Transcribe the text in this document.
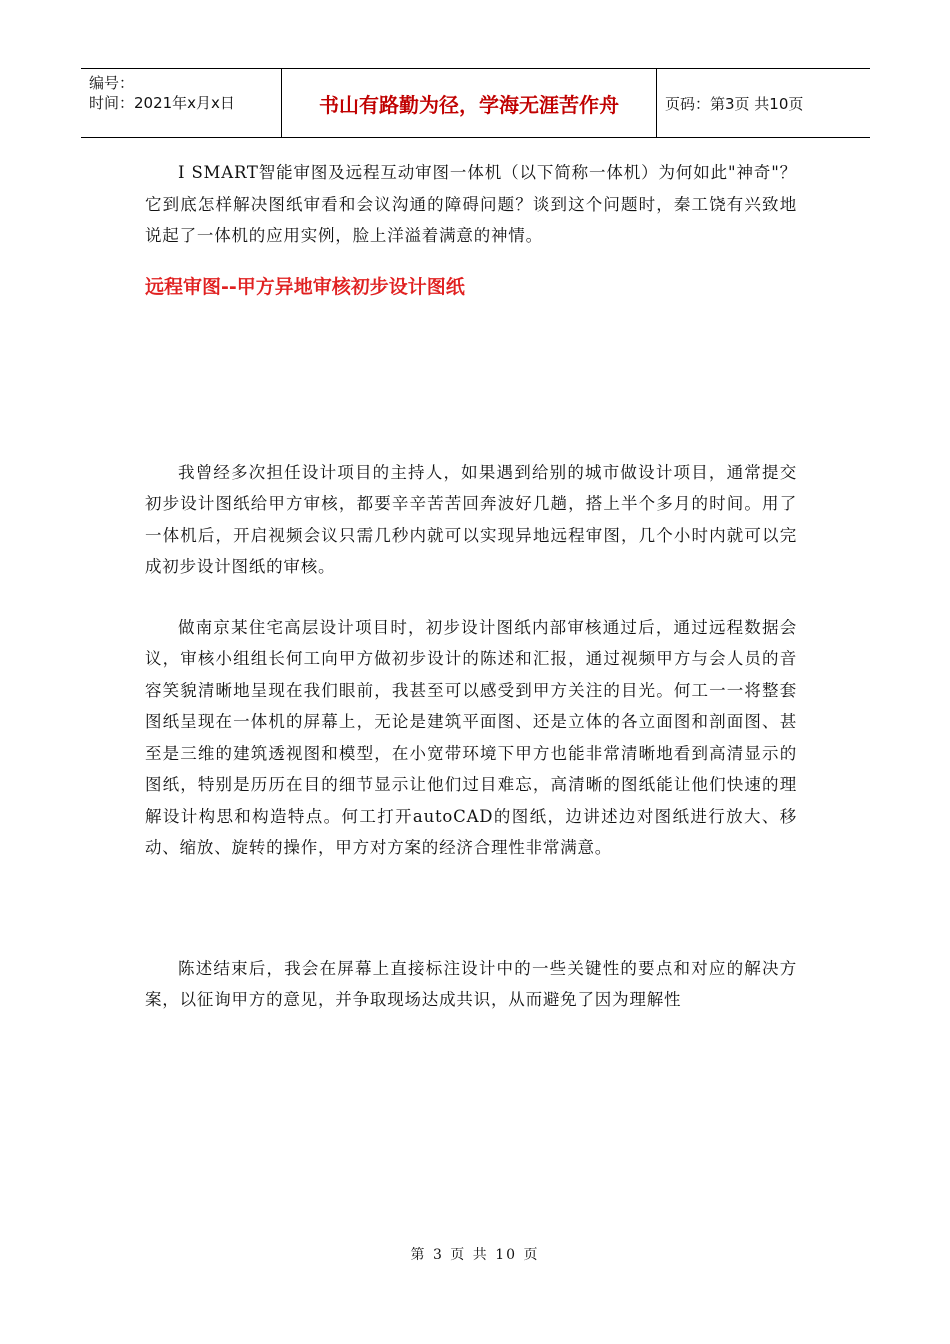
编号：
时间：2021年x月x日	书山有路勤为径，学海无涯苦作舟	页码：第3页 共10页

I SMART智能审图及远程互动审图一体机（以下简称一体机）为何如此"神奇"？它到底怎样解决图纸审看和会议沟通的障碍问题？谈到这个问题时，秦工饶有兴致地说起了一体机的应用实例，脸上洋溢着满意的神情。

远程审图--甲方异地审核初步设计图纸

我曾经多次担任设计项目的主持人，如果遇到给别的城市做设计项目，通常提交初步设计图纸给甲方审核，都要辛辛苦苦回奔波好几趟，搭上半个多月的时间。用了一体机后，开启视频会议只需几秒内就可以实现异地远程审图，几个小时内就可以完成初步设计图纸的审核。

做南京某住宅高层设计项目时，初步设计图纸内部审核通过后，通过远程数据会议，审核小组组长何工向甲方做初步设计的陈述和汇报，通过视频甲方与会人员的音容笑貌清晰地呈现在我们眼前，我甚至可以感受到甲方关注的目光。何工一一将整套图纸呈现在一体机的屏幕上，无论是建筑平面图、还是立体的各立面图和剖面图、甚至是三维的建筑透视图和模型，在小宽带环境下甲方也能非常清晰地看到高清显示的图纸，特别是历历在目的细节显示让他们过目难忘，高清晰的图纸能让他们快速的理解设计构思和构造特点。何工打开autoCAD的图纸，边讲述边对图纸进行放大、移动、缩放、旋转的操作，甲方对方案的经济合理性非常满意。

陈述结束后，我会在屏幕上直接标注设计中的一些关键性的要点和对应的解决方案，以征询甲方的意见，并争取现场达成共识，从而避免了因为理解性

第 3 页 共 10 页
